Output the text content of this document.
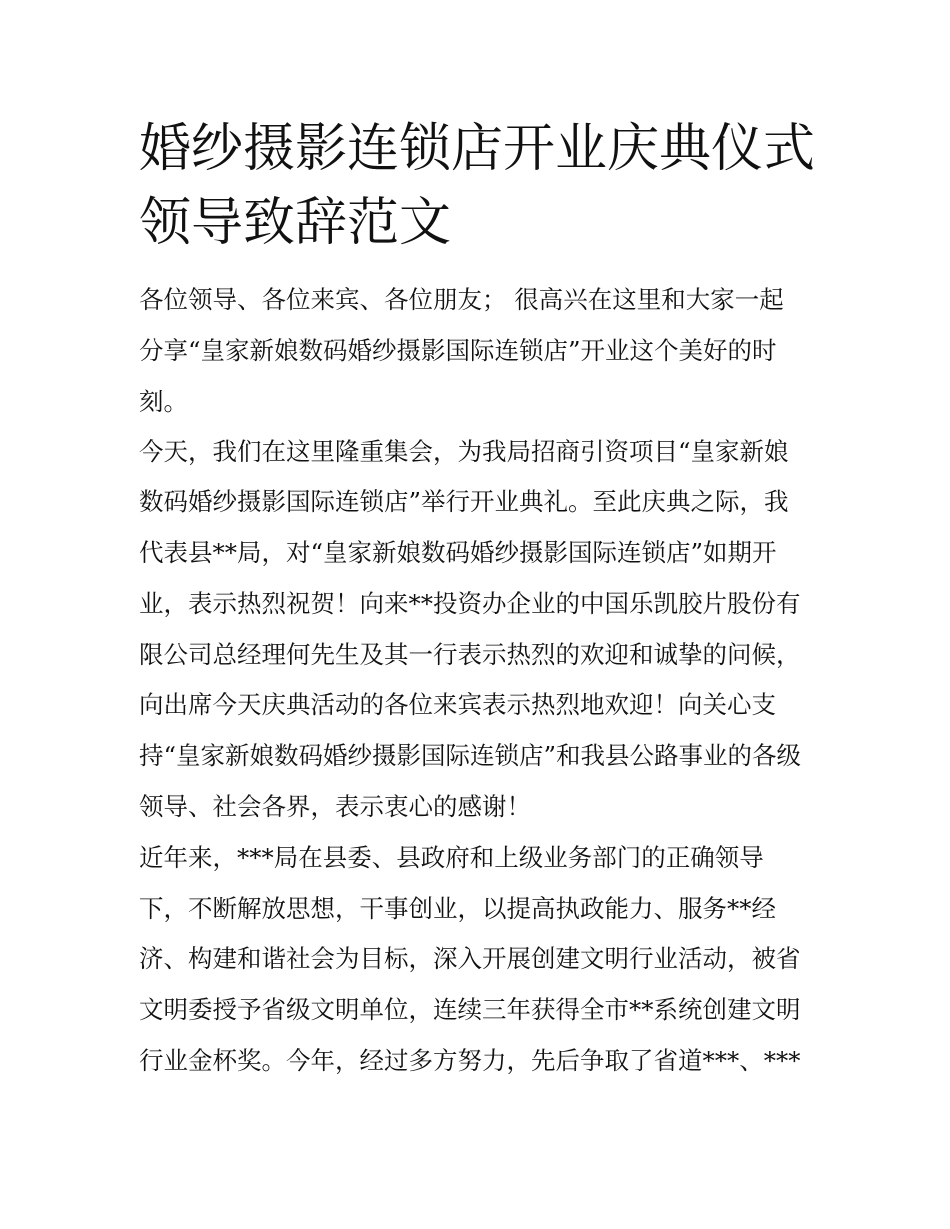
婚纱摄影连锁店开业庆典仪式
领导致辞范文

各位领导、各位来宾、各位朋友； 很高兴在这里和大家一起

分享“皇家新娘数码婚纱摄影国际连锁店”开业这个美好的时

刻。

今天，我们在这里隆重集会，为我局招商引资项目“皇家新娘

数码婚纱摄影国际连锁店”举行开业典礼。至此庆典之际，我

代表县**局，对“皇家新娘数码婚纱摄影国际连锁店”如期开

业，表示热烈祝贺！向来**投资办企业的中国乐凯胶片股份有

限公司总经理何先生及其一行表示热烈的欢迎和诚挚的问候，

向出席今天庆典活动的各位来宾表示热烈地欢迎！向关心支

持“皇家新娘数码婚纱摄影国际连锁店”和我县公路事业的各级

领导、社会各界，表示衷心的感谢！

近年来，***局在县委、县政府和上级业务部门的正确领导

下，不断解放思想，干事创业，以提高执政能力、服务**经

济、构建和谐社会为目标，深入开展创建文明行业活动，被省

文明委授予省级文明单位，连续三年获得全市**系统创建文明

行业金杯奖。今年，经过多方努力，先后争取了省道***、***
